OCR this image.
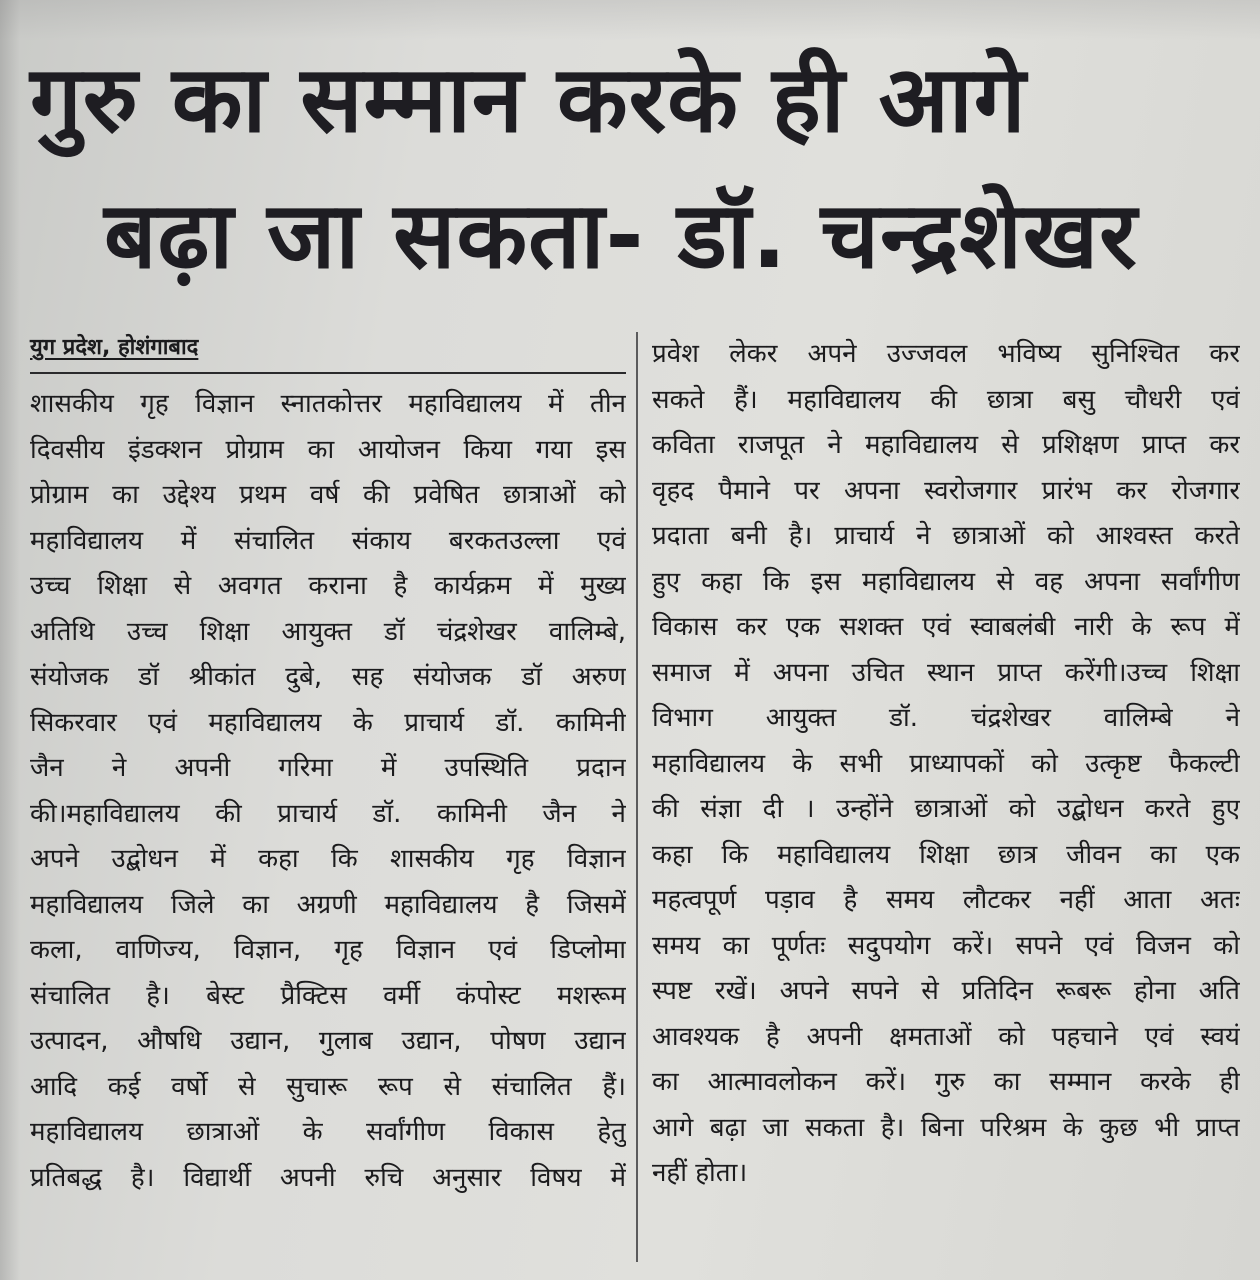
गुरु का सम्मान करके ही आगे
बढ़ा जा सकता- डॉ. चन्द्रशेखर
युग प्रदेश, होशंगाबाद
शासकीय गृह विज्ञान स्नातकोत्तर महाविद्यालय में तीन
दिवसीय इंडक्शन प्रोग्राम का आयोजन किया गया इस
प्रोग्राम का उद्देश्य प्रथम वर्ष की प्रवेषित छात्राओं को
महाविद्यालय में संचालित संकाय बरकतउल्ला एवं
उच्च शिक्षा से अवगत कराना है कार्यक्रम में मुख्य
अतिथि उच्च शिक्षा आयुक्त डॉ चंद्रशेखर वालिम्बे,
संयोजक डॉ श्रीकांत दुबे, सह संयोजक डॉ अरुण
सिकरवार एवं महाविद्यालय के प्राचार्य डॉ. कामिनी
जैन ने अपनी गरिमा में उपस्थिति प्रदान
की।महाविद्यालय की प्राचार्य डॉ. कामिनी जैन ने
अपने उद्बोधन में कहा कि शासकीय गृह विज्ञान
महाविद्यालय जिले का अग्रणी महाविद्यालय है जिसमें
कला, वाणिज्य, विज्ञान, गृह विज्ञान एवं डिप्लोमा
संचालित है। बेस्ट प्रैक्टिस वर्मी कंपोस्ट मशरूम
उत्पादन, औषधि उद्यान, गुलाब उद्यान, पोषण उद्यान
आदि कई वर्षो से सुचारू रूप से संचालित हैं।
महाविद्यालय छात्राओं के सर्वांगीण विकास हेतु
प्रतिबद्ध है। विद्यार्थी अपनी रुचि अनुसार विषय में
प्रवेश लेकर अपने उज्जवल भविष्य सुनिश्चित कर
सकते हैं। महाविद्यालय की छात्रा बसु चौधरी एवं
कविता राजपूत ने महाविद्यालय से प्रशिक्षण प्राप्त कर
वृहद पैमाने पर अपना स्वरोजगार प्रारंभ कर रोजगार
प्रदाता बनी है। प्राचार्य ने छात्राओं को आश्वस्त करते
हुए कहा कि इस महाविद्यालय से वह अपना सर्वांगीण
विकास कर एक सशक्त एवं स्वाबलंबी नारी के रूप में
समाज में अपना उचित स्थान प्राप्त करेंगी।उच्च शिक्षा
विभाग आयुक्त डॉ. चंद्रशेखर वालिम्बे ने
महाविद्यालय के सभी प्राध्यापकों को उत्कृष्ट फैकल्टी
की संज्ञा दी । उन्होंने छात्राओं को उद्बोधन करते हुए
कहा कि महाविद्यालय शिक्षा छात्र जीवन का एक
महत्वपूर्ण पड़ाव है समय लौटकर नहीं आता अतः
समय का पूर्णतः सदुपयोग करें। सपने एवं विजन को
स्पष्ट रखें। अपने सपने से प्रतिदिन रूबरू होना अति
आवश्यक है अपनी क्षमताओं को पहचाने एवं स्वयं
का आत्मावलोकन करें। गुरु का सम्मान करके ही
आगे बढ़ा जा सकता है। बिना परिश्रम के कुछ भी प्राप्त
नहीं होता।
